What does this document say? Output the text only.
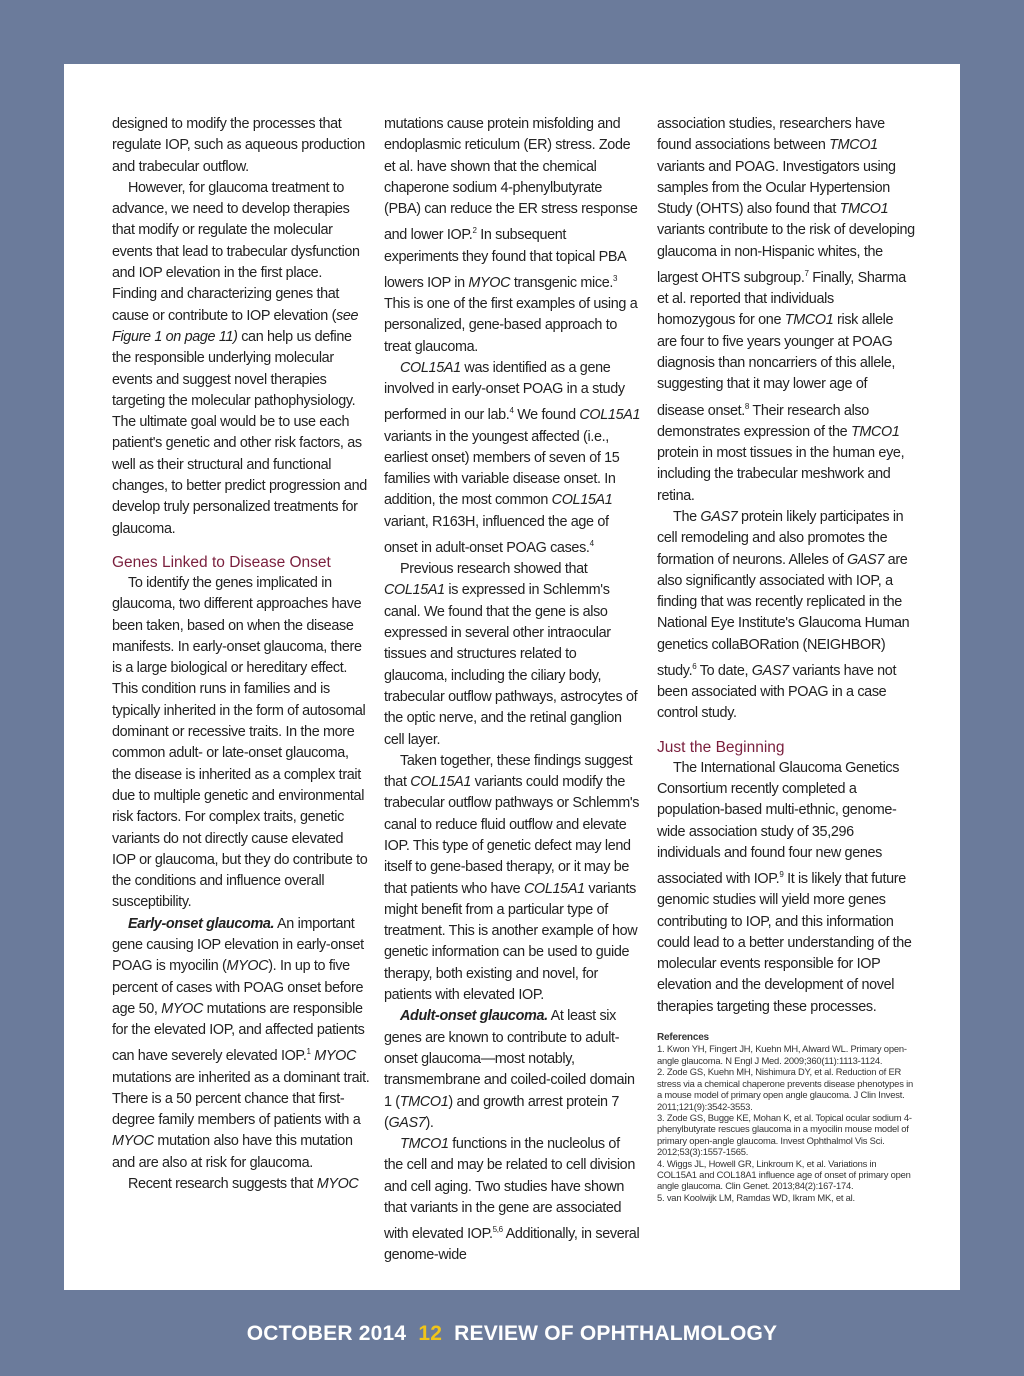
designed to modify the processes that regulate IOP, such as aqueous production and trabecular outflow.

However, for glaucoma treatment to advance, we need to develop therapies that modify or regulate the molecular events that lead to trabecular dysfunction and IOP elevation in the first place. Finding and characterizing genes that cause or contribute to IOP elevation (see Figure 1 on page 11) can help us define the responsible underlying molecular events and suggest novel therapies targeting the molecular pathophysiology. The ultimate goal would be to use each patient's genetic and other risk factors, as well as their structural and functional changes, to better predict progression and develop truly personalized treatments for glaucoma.

Genes Linked to Disease Onset

To identify the genes implicated in glaucoma, two different approaches have been taken, based on when the disease manifests. In early-onset glaucoma, there is a large biological or hereditary effect. This condition runs in families and is typically inherited in the form of autosomal dominant or recessive traits. In the more common adult- or late-onset glaucoma, the disease is inherited as a complex trait due to multiple genetic and environmental risk factors. For complex traits, genetic variants do not directly cause elevated IOP or glaucoma, but they do contribute to the conditions and influence overall susceptibility.

Early-onset glaucoma. An important gene causing IOP elevation in early-onset POAG is myocilin (MYOC). In up to five percent of cases with POAG onset before age 50, MYOC mutations are responsible for the elevated IOP, and affected patients can have severely elevated IOP.$^1$ MYOC mutations are inherited as a dominant trait. There is a 50 percent chance that first-degree family members of patients with a MYOC mutation also have this mutation and are also at risk for glaucoma.

Recent research suggests that MYOC

mutations cause protein misfolding and endoplasmic reticulum (ER) stress. Zode et al. have shown that the chemical chaperone sodium 4-phenylbutyrate (PBA) can reduce the ER stress response and lower IOP.$^2$ In subsequent experiments they found that topical PBA lowers IOP in MYOC transgenic mice.$^3$ This is one of the first examples of using a personalized, gene-based approach to treat glaucoma.

COL15A1 was identified as a gene involved in early-onset POAG in a study performed in our lab.$^4$ We found COL15A1 variants in the youngest affected (i.e., earliest onset) members of seven of 15 families with variable disease onset. In addition, the most common COL15A1 variant, R163H, influenced the age of onset in adult-onset POAG cases.$^4$

Previous research showed that COL15A1 is expressed in Schlemm's canal. We found that the gene is also expressed in several other intraocular tissues and structures related to glaucoma, including the ciliary body, trabecular outflow pathways, astrocytes of the optic nerve, and the retinal ganglion cell layer.

Taken together, these findings suggest that COL15A1 variants could modify the trabecular outflow pathways or Schlemm's canal to reduce fluid outflow and elevate IOP. This type of genetic defect may lend itself to gene-based therapy, or it may be that patients who have COL15A1 variants might benefit from a particular type of treatment. This is another example of how genetic information can be used to guide therapy, both existing and novel, for patients with elevated IOP.

Adult-onset glaucoma. At least six genes are known to contribute to adult-onset glaucoma—most notably, transmembrane and coiled-coiled domain 1 (TMCO1) and growth arrest protein 7 (GAS7).

TMCO1 functions in the nucleolus of the cell and may be related to cell division and cell aging. Two studies have shown that variants in the gene are associated with elevated IOP.$^{5,6}$ Additionally, in several genome-wide

association studies, researchers have found associations between TMCO1 variants and POAG. Investigators using samples from the Ocular Hypertension Study (OHTS) also found that TMCO1 variants contribute to the risk of developing glaucoma in non-Hispanic whites, the largest OHTS subgroup.$^7$ Finally, Sharma et al. reported that individuals homozygous for one TMCO1 risk allele are four to five years younger at POAG diagnosis than noncarriers of this allele, suggesting that it may lower age of disease onset.$^8$ Their research also demonstrates expression of the TMCO1 protein in most tissues in the human eye, including the trabecular meshwork and retina.

The GAS7 protein likely participates in cell remodeling and also promotes the formation of neurons. Alleles of GAS7 are also significantly associated with IOP, a finding that was recently replicated in the National Eye Institute's Glaucoma Human genetics collaBORation (NEIGHBOR) study.$^6$ To date, GAS7 variants have not been associated with POAG in a case control study.

Just the Beginning

The International Glaucoma Genetics Consortium recently completed a population-based multi-ethnic, genome-wide association study of 35,296 individuals and found four new genes associated with IOP.$^9$ It is likely that future genomic studies will yield more genes contributing to IOP, and this information could lead to a better understanding of the molecular events responsible for IOP elevation and the development of novel therapies targeting these processes.

References
1. Kwon YH, Fingert JH, Kuehn MH, Alward WL. Primary open-angle glaucoma. N Engl J Med. 2009;360(11):1113-1124.
2. Zode GS, Kuehn MH, Nishimura DY, et al. Reduction of ER stress via a chemical chaperone prevents disease phenotypes in a mouse model of primary open angle glaucoma. J Clin Invest. 2011;121(9):3542-3553.
3. Zode GS, Bugge KE, Mohan K, et al. Topical ocular sodium 4-phenylbutyrate rescues glaucoma in a myocilin mouse model of primary open-angle glaucoma. Invest Ophthalmol Vis Sci. 2012;53(3):1557-1565.
4. Wiggs JL, Howell GR, Linkroum K, et al. Variations in COL15A1 and COL18A1 influence age of onset of primary open angle glaucoma. Clin Genet. 2013;84(2):167-174.
5. van Koolwijk LM, Ramdas WD, Ikram MK, et al.
OCTOBER 2014 12 REVIEW OF OPHTHALMOLOGY
